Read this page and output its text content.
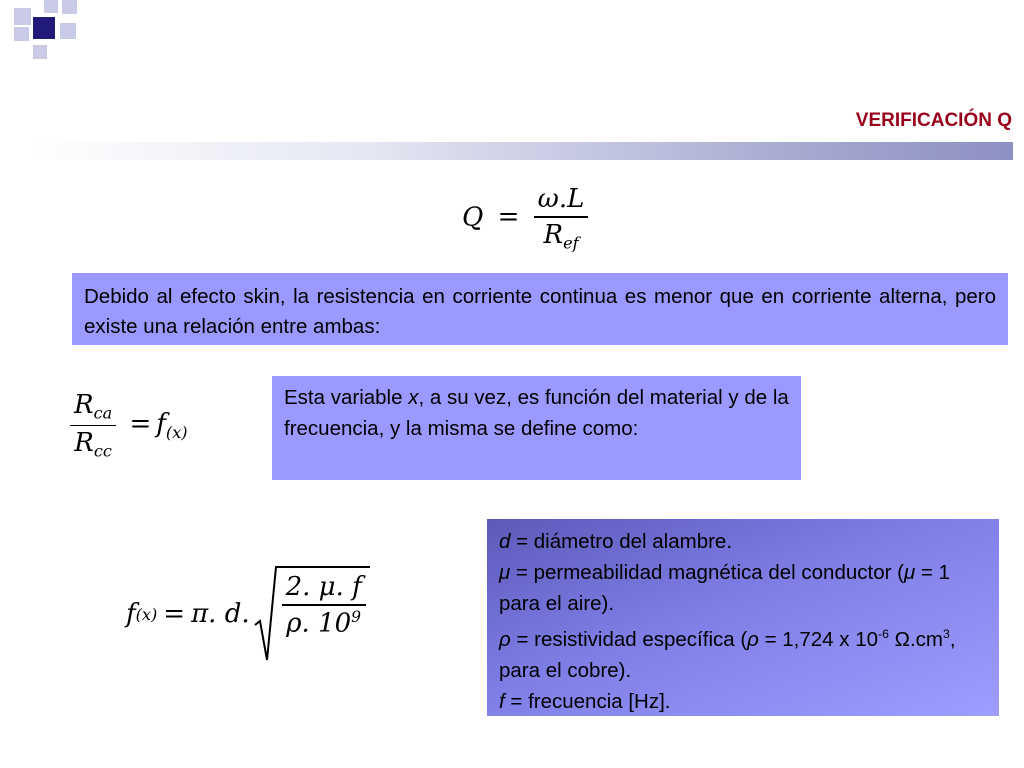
VERIFICACIÓN Q
$Q = \frac{\omega.L}{R_{ef}}$
Debido al efecto skin, la resistencia en corriente continua es menor que en corriente alterna, pero existe una relación entre ambas:
$\frac{R_{ca}}{R_{cc}} = f_{(x)}$
Esta variable x, a su vez, es función del material y de la frecuencia, y la misma se define como:
f (x) = π. d. $\frac{2. \mu. f}{\rho. 10^9}$

d = diámetro del alambre.

μ = permeabilidad magnética del conductor (μ = 1 para el aire).

ρ = resistividad específica (ρ = 1,724 x $10^{-6}$ $\Omega.cm^3$, para el cobre).

f = frecuencia [Hz].
